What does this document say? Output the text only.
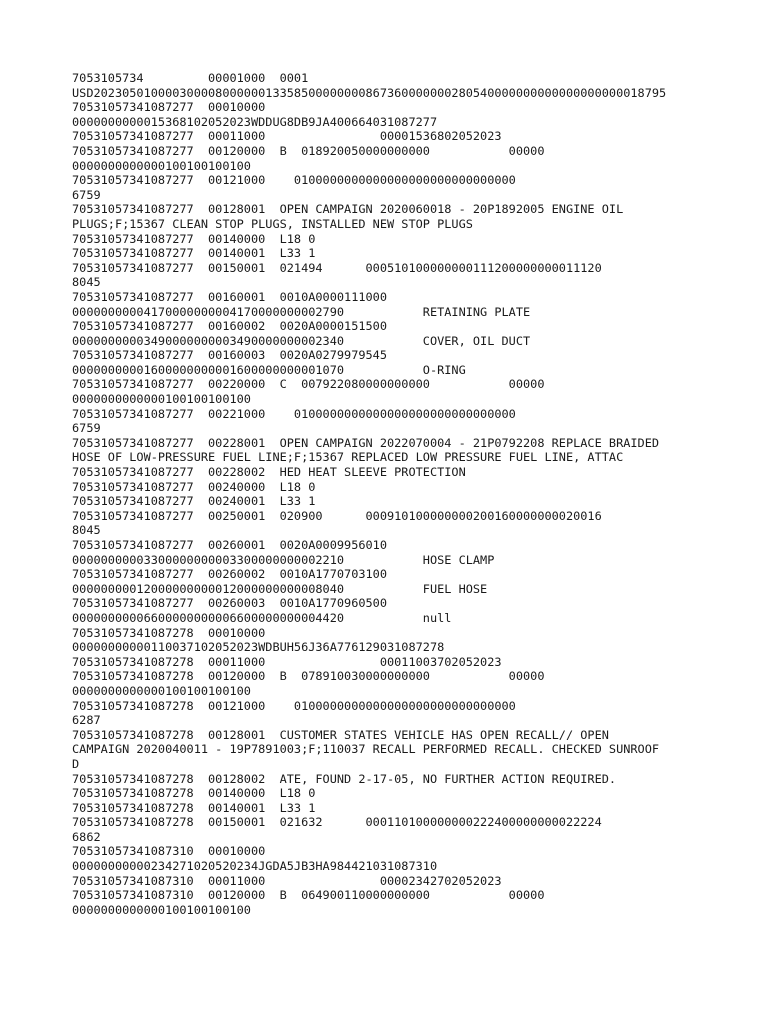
7053105734         00001000  0001
USD20230501000030000800000013358500000000867360000000280540000000000000000000018795
70531057341087277  00010000
0000000000015368102052023WDDUG8DB9JA400664031087277
70531057341087277  00011000                00001536802052023
70531057341087277  00120000  B  018920050000000000           00000
0000000000000100100100100
70531057341087277  00121000    0100000000000000000000000000000
6759
70531057341087277  00128001  OPEN CAMPAIGN 2020060018 - 20P1892005 ENGINE OIL
PLUGS;F;15367 CLEAN STOP PLUGS, INSTALLED NEW STOP PLUGS
70531057341087277  00140000  L18 0
70531057341087277  00140001  L33 1
70531057341087277  00150001  021494      000510100000000111200000000011120
8045
70531057341087277  00160001  0010A0000111000
00000000004170000000004170000000002790           RETAINING PLATE
70531057341087277  00160002  0020A0000151500
00000000003490000000003490000000002340           COVER, OIL DUCT
70531057341087277  00160003  0020A0279979545
00000000001600000000001600000000001070           O-RING
70531057341087277  00220000  C  007922080000000000           00000
0000000000000100100100100
70531057341087277  00221000    0100000000000000000000000000000
6759
70531057341087277  00228001  OPEN CAMPAIGN 2022070004 - 21P0792208 REPLACE BRAIDED
HOSE OF LOW-PRESSURE FUEL LINE;F;15367 REPLACED LOW PRESSURE FUEL LINE, ATTAC
70531057341087277  00228002  HED HEAT SLEEVE PROTECTION
70531057341087277  00240000  L18 0
70531057341087277  00240001  L33 1
70531057341087277  00250001  020900      000910100000000200160000000020016
8045
70531057341087277  00260001  0020A0009956010
00000000003300000000003300000000002210           HOSE CLAMP
70531057341087277  00260002  0010A1770703100
00000000012000000000012000000000008040           FUEL HOSE
70531057341087277  00260003  0010A1770960500
00000000006600000000006600000000004420           null
70531057341087278  00010000
00000000000110037102052023WDBUH56J36A776129031087278
70531057341087278  00011000                00011003702052023
70531057341087278  00120000  B  078910030000000000           00000
0000000000000100100100100
70531057341087278  00121000    0100000000000000000000000000000
6287
70531057341087278  00128001  CUSTOMER STATES VEHICLE HAS OPEN RECALL// OPEN
CAMPAIGN 2020040011 - 19P7891003;F;110037 RECALL PERFORMED RECALL. CHECKED SUNROOF
D
70531057341087278  00128002  ATE, FOUND 2-17-05, NO FURTHER ACTION REQUIRED.
70531057341087278  00140000  L18 0
70531057341087278  00140001  L33 1
70531057341087278  00150001  021632      000110100000000222400000000022224
6862
70531057341087310  00010000
00000000000234271020520234JGDA5JB3HA984421031087310
70531057341087310  00011000                00002342702052023
70531057341087310  00120000  B  064900110000000000           00000
0000000000000100100100100
